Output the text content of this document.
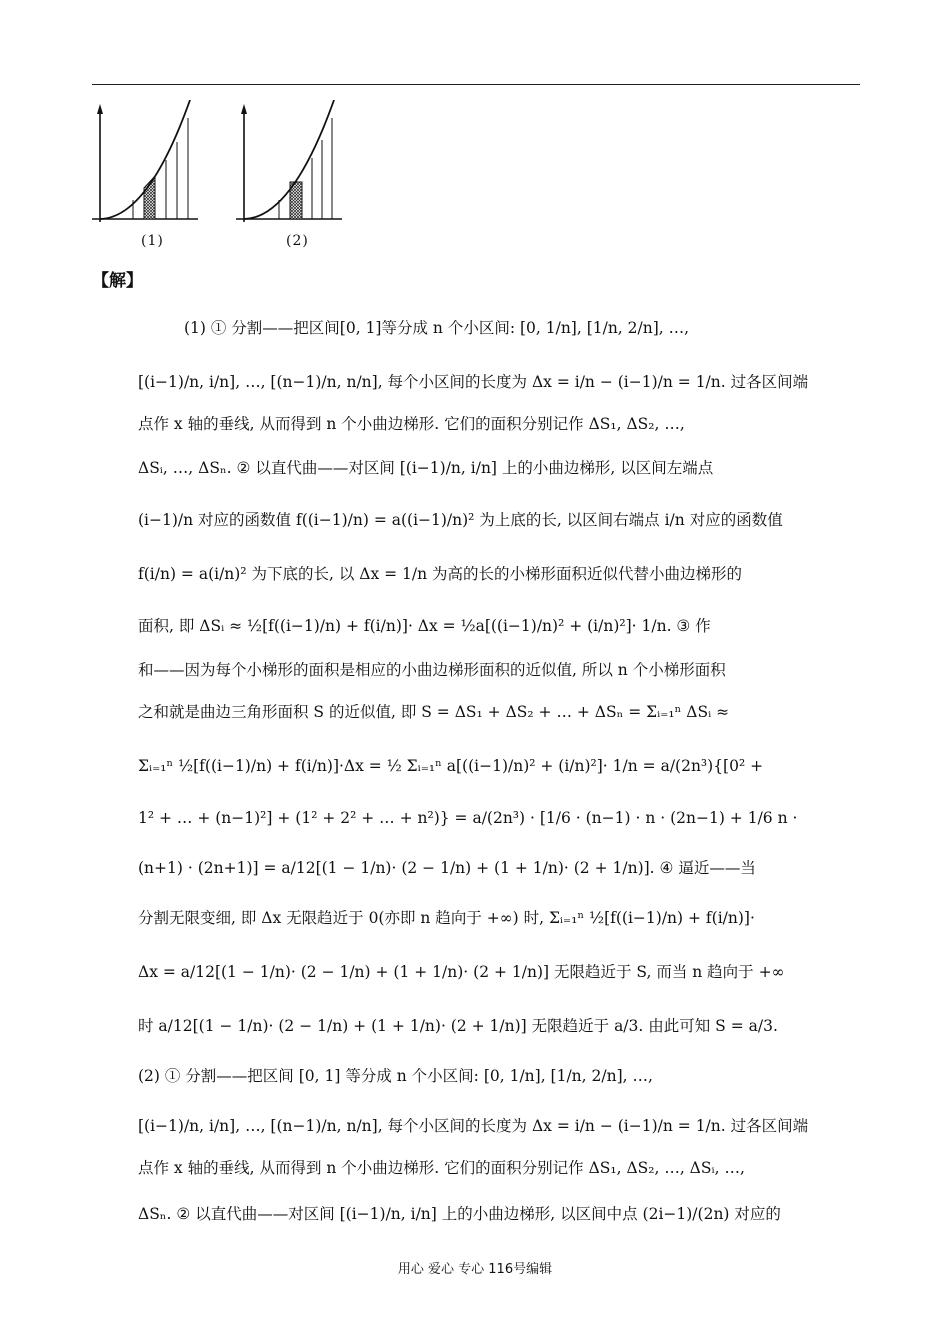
(1)	(2)
【解】
(1) ① 分割——把区间[0, 1]等分成 n 个小区间: [0, 1/n], [1/n, 2/n], …,
[(i−1)/n, i/n], …, [(n−1)/n, n/n], 每个小区间的长度为 Δx = i/n − (i−1)/n = 1/n. 过各区间端
点作 x 轴的垂线, 从而得到 n 个小曲边梯形. 它们的面积分别记作 ΔS₁, ΔS₂, …,
ΔSᵢ, …, ΔSₙ. ② 以直代曲——对区间 [(i−1)/n, i/n] 上的小曲边梯形, 以区间左端点
(i−1)/n 对应的函数值 f((i−1)/n) = a((i−1)/n)² 为上底的长, 以区间右端点 i/n 对应的函数值
f(i/n) = a(i/n)² 为下底的长, 以 Δx = 1/n 为高的长的小梯形面积近似代替小曲边梯形的
面积, 即 ΔSᵢ ≈ ½[f((i−1)/n) + f(i/n)]· Δx = ½a[((i−1)/n)² + (i/n)²]· 1/n. ③ 作
和——因为每个小梯形的面积是相应的小曲边梯形面积的近似值, 所以 n 个小梯形面积
之和就是曲边三角形面积 S 的近似值, 即 S = ΔS₁ + ΔS₂ + … + ΔSₙ = Σᵢ₌₁ⁿ ΔSᵢ ≈
Σᵢ₌₁ⁿ ½[f((i−1)/n) + f(i/n)]·Δx = ½ Σᵢ₌₁ⁿ a[((i−1)/n)² + (i/n)²]· 1/n = a/(2n³){[0² +
1² + … + (n−1)²] + (1² + 2² + … + n²)} = a/(2n³) · [1/6 · (n−1) · n · (2n−1) + 1/6 n ·
(n+1) · (2n+1)] = a/12[(1 − 1/n)· (2 − 1/n) + (1 + 1/n)· (2 + 1/n)]. ④ 逼近——当
分割无限变细, 即 Δx 无限趋近于 0(亦即 n 趋向于 +∞) 时, Σᵢ₌₁ⁿ ½[f((i−1)/n) + f(i/n)]·
Δx = a/12[(1 − 1/n)· (2 − 1/n) + (1 + 1/n)· (2 + 1/n)] 无限趋近于 S, 而当 n 趋向于 +∞
时 a/12[(1 − 1/n)· (2 − 1/n) + (1 + 1/n)· (2 + 1/n)] 无限趋近于 a/3. 由此可知 S = a/3.
(2) ① 分割——把区间 [0, 1] 等分成 n 个小区间: [0, 1/n], [1/n, 2/n], …,
[(i−1)/n, i/n], …, [(n−1)/n, n/n], 每个小区间的长度为 Δx = i/n − (i−1)/n = 1/n. 过各区间端
点作 x 轴的垂线, 从而得到 n 个小曲边梯形. 它们的面积分别记作 ΔS₁, ΔS₂, …, ΔSᵢ, …,
ΔSₙ. ② 以直代曲——对区间 [(i−1)/n, i/n] 上的小曲边梯形, 以区间中点 (2i−1)/(2n) 对应的
用心 爱心 专心 116号编辑
